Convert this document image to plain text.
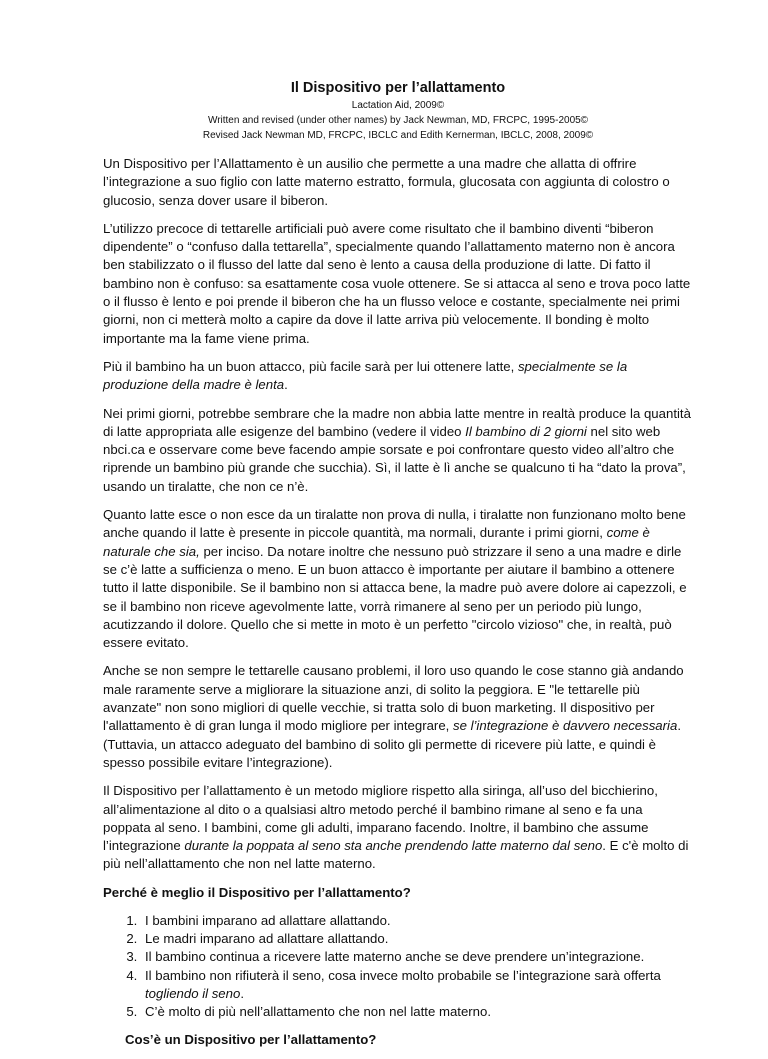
Il Dispositivo per l’allattamento

Lactation Aid, 2009©

Written and revised (under other names) by Jack Newman, MD, FRCPC, 1995-2005©

Revised Jack Newman MD, FRCPC, IBCLC and Edith Kernerman, IBCLC, 2008, 2009©

Un Dispositivo per l’Allattamento è un ausilio che permette a una madre che allatta di offrire l’integrazione a suo figlio con latte materno estratto, formula, glucosata con aggiunta di colostro o glucosio, senza dover usare il biberon.

L’utilizzo precoce di tettarelle artificiali può avere come risultato che il bambino diventi “biberon dipendente” o “confuso dalla tettarella”, specialmente quando l’allattamento materno non è ancora ben stabilizzato o il flusso del latte dal seno è lento a causa della produzione di latte. Di fatto il bambino non è confuso: sa esattamente cosa vuole ottenere. Se si attacca al seno e trova poco latte o il flusso è lento e poi prende il biberon che ha un flusso veloce e costante, specialmente nei primi giorni, non ci metterà molto a capire da dove il latte arriva più velocemente. Il bonding è molto importante ma la fame viene prima.

Più il bambino ha un buon attacco, più facile sarà per lui ottenere latte, specialmente se la produzione della madre è lenta.

Nei primi giorni, potrebbe sembrare che la madre non abbia latte mentre in realtà produce la quantità di latte appropriata alle esigenze del bambino (vedere il video Il bambino di 2 giorni nel sito web nbci.ca e osservare come beve facendo ampie sorsate e poi confrontare questo video all’altro che riprende un bambino più grande che succhia). Sì, il latte è lì anche se qualcuno ti ha “dato la prova”, usando un tiralatte, che non ce n’è.

Quanto latte esce o non esce da un tiralatte non prova di nulla, i tiralatte non funzionano molto bene anche quando il latte è presente in piccole quantità, ma normali, durante i primi giorni, come è naturale che sia, per inciso. Da notare inoltre che nessuno può strizzare il seno a una madre e dirle se c’è latte a sufficienza o meno. E un buon attacco è importante per aiutare il bambino a ottenere tutto il latte disponibile. Se il bambino non si attacca bene, la madre può avere dolore ai capezzoli, e se il bambino non riceve agevolmente latte, vorrà rimanere al seno per un periodo più lungo, acutizzando il dolore. Quello che si mette in moto è un perfetto "circolo vizioso" che, in realtà, può essere evitato.

Anche se non sempre le tettarelle causano problemi, il loro uso quando le cose stanno già andando male raramente serve a migliorare la situazione anzi, di solito la peggiora. E "le tettarelle più avanzate" non sono migliori di quelle vecchie, si tratta solo di buon marketing. Il dispositivo per l'allattamento è di gran lunga il modo migliore per integrare, se l’integrazione è davvero necessaria. (Tuttavia, un attacco adeguato del bambino di solito gli permette di ricevere più latte, e quindi è spesso possibile evitare l’integrazione).

Il Dispositivo per l’allattamento è un metodo migliore rispetto alla siringa, all’uso del bicchierino, all’alimentazione al dito o a qualsiasi altro metodo perché il bambino rimane al seno e fa una poppata al seno. I bambini, come gli adulti, imparano facendo. Inoltre, il bambino che assume l’integrazione durante la poppata al seno sta anche prendendo latte materno dal seno. E c'è molto di più nell’allattamento che non nel latte materno.

Perché è meglio il Dispositivo per l’allattamento?
1. I bambini imparano ad allattare allattando.
2. Le madri imparano ad allattare allattando.
3. Il bambino continua a ricevere latte materno anche se deve prendere un’integrazione.
4. Il bambino non rifiuterà il seno, cosa invece molto probabile se l’integrazione sarà offerta togliendo il seno.
5. C’è molto di più nell’allattamento che non nel latte materno.
Cos’è un Dispositivo per l’allattamento?
